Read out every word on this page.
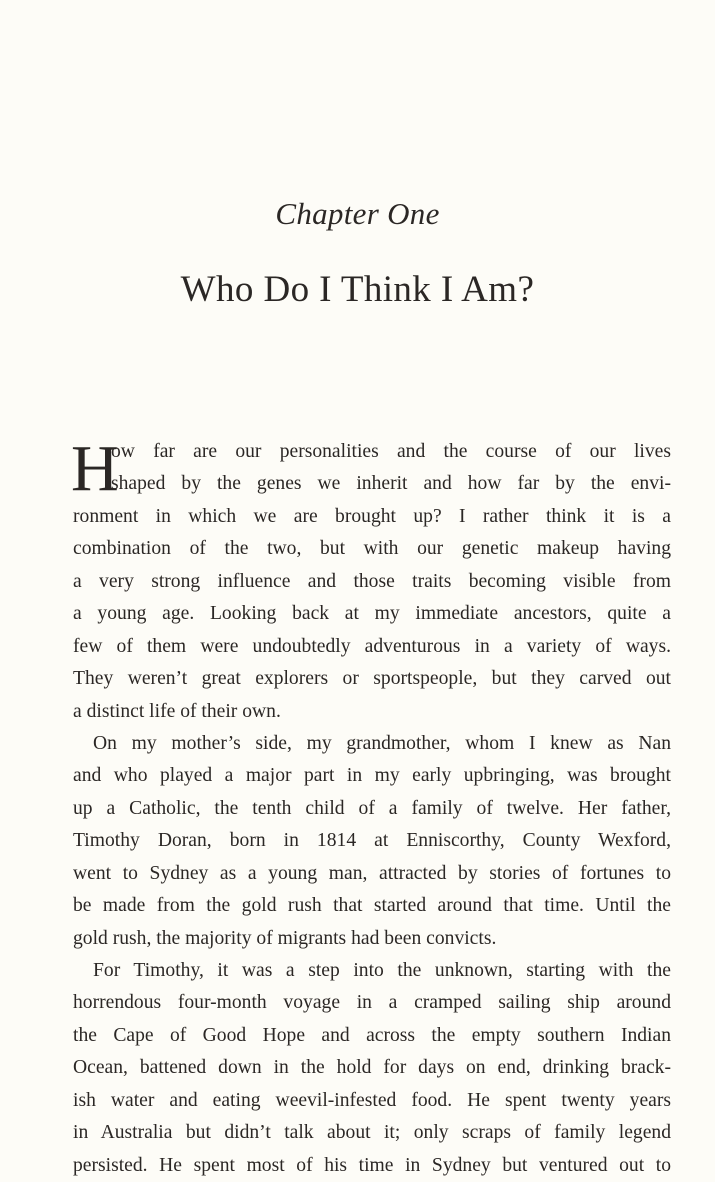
Chapter One
Who Do I Think I Am?
H
ow far are our personalities and the course of our lives
shaped by the genes we inherit and how far by the envi-
ronment in which we are brought up? I rather think it is a
combination of the two, but with our genetic makeup having
a very strong influence and those traits becoming visible from
a young age. Looking back at my immediate ancestors, quite a
few of them were undoubtedly adventurous in a variety of ways.
They weren’t great explorers or sportspeople, but they carved out
a distinct life of their own.
On my mother’s side, my grandmother, whom I knew as Nan
and who played a major part in my early upbringing, was brought
up a Catholic, the tenth child of a family of twelve. Her father,
Timothy Doran, born in 1814 at Enniscorthy, County Wexford,
went to Sydney as a young man, attracted by stories of fortunes to
be made from the gold rush that started around that time. Until the
gold rush, the majority of migrants had been convicts.
For Timothy, it was a step into the unknown, starting with the
horrendous four-month voyage in a cramped sailing ship around
the Cape of Good Hope and across the empty southern Indian
Ocean, battened down in the hold for days on end, drinking brack-
ish water and eating weevil-infested food. He spent twenty years
in Australia but didn’t talk about it; only scraps of family legend
persisted. He spent most of his time in Sydney but ventured out to
